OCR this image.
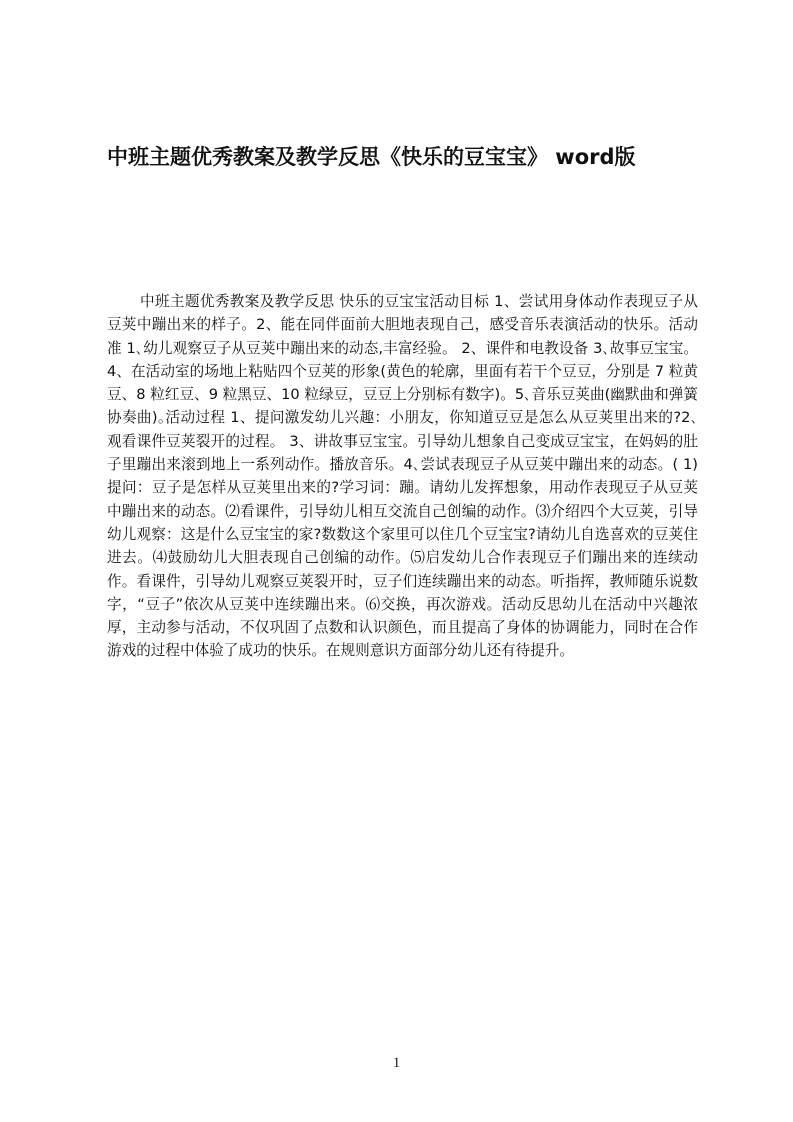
中班主题优秀教案及教学反思《快乐的豆宝宝》 word版

中班主题优秀教案及教学反思 快乐的豆宝宝活动目标 1、尝试用身体动作表现豆子从豆荚中蹦出来的样子。2、能在同伴面前大胆地表现自己，感受音乐表演活动的快乐。活动准 1､幼儿观察豆子从豆荚中蹦出来的动态,丰富经验。 2、课件和电教设备 3､故事豆宝宝。 4、在活动室的场地上粘贴四个豆荚的形象(黄色的轮廓，里面有若干个豆豆，分别是 7 粒黄豆、8 粒红豆、9 粒黑豆、10 粒绿豆，豆豆上分别标有数字)。5､音乐豆荚曲(幽默曲和弹簧协奏曲)｡活动过程 1、提问激发幼儿兴趣：小朋友，你知道豆豆是怎么从豆荚里出来的?2､观看课件豆荚裂开的过程。 3、讲故事豆宝宝。引导幼儿想象自己变成豆宝宝，在妈妈的肚子里蹦出来滚到地上一系列动作。播放音乐。4､尝试表现豆子从豆荚中蹦出来的动态。( 1) 提问：豆子是怎样从豆荚里出来的?学习词：蹦。请幼儿发挥想象，用动作表现豆子从豆荚中蹦出来的动态。⑵看课件，引导幼儿相互交流自己创编的动作。⑶介绍四个大豆荚，引导幼儿观察：这是什么豆宝宝的家?数数这个家里可以住几个豆宝宝?请幼儿自选喜欢的豆荚住进去。⑷鼓励幼儿大胆表现自己创编的动作。⑸启发幼儿合作表现豆子们蹦出来的连续动作。看课件，引导幼儿观察豆荚裂开时，豆子们连续蹦出来的动态。听指挥，教师随乐说数字，“豆子”依次从豆荚中连续蹦出来。⑹交换，再次游戏。活动反思幼儿在活动中兴趣浓厚，主动参与活动，不仅巩固了点数和认识颜色，而且提高了身体的协调能力，同时在合作游戏的过程中体验了成功的快乐。在规则意识方面部分幼儿还有待提升。

1
